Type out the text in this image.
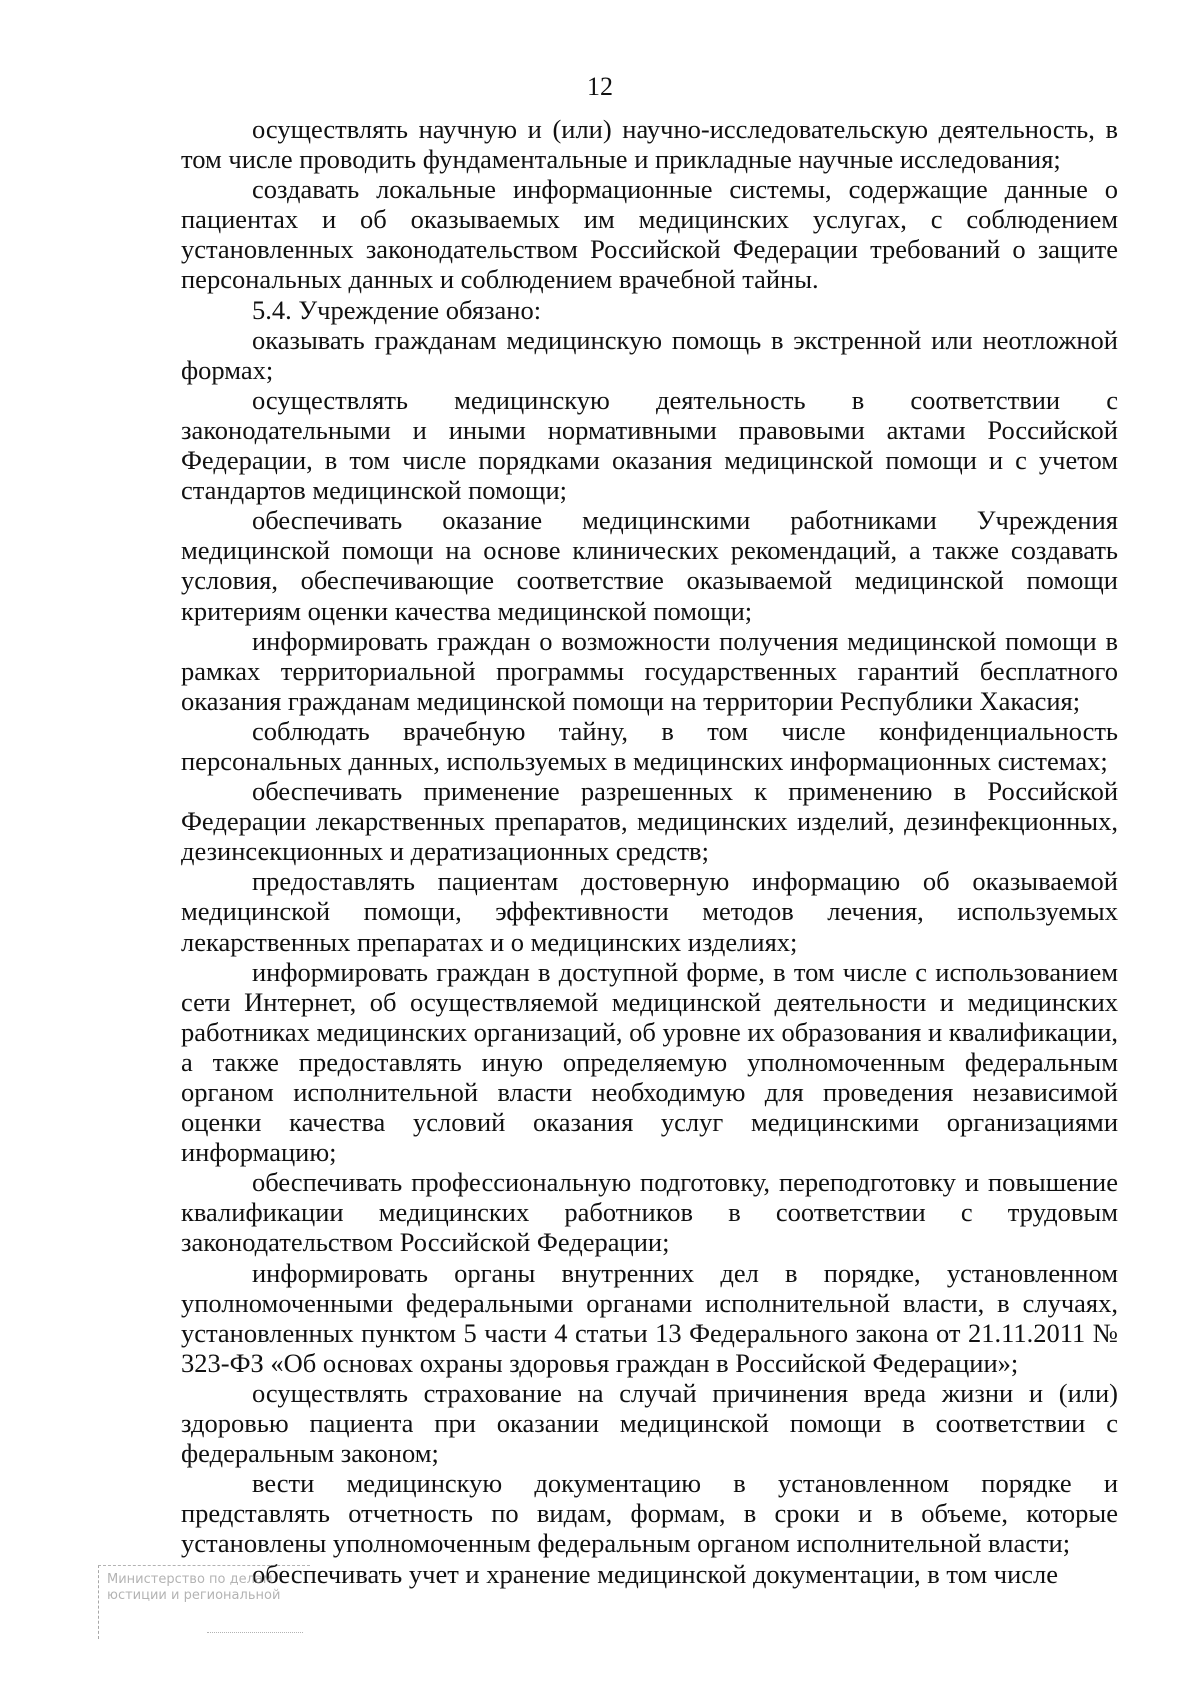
12

осуществлять научную и (или) научно-исследовательскую деятельность, в том числе проводить фундаментальные и прикладные научные исследования;

создавать локальные информационные системы, содержащие данные о пациентах и об оказываемых им медицинских услугах, с соблюдением установленных законодательством Российской Федерации требований о защите персональных данных и соблюдением врачебной тайны.

5.4. Учреждение обязано:

оказывать гражданам медицинскую помощь в экстренной или неотложной формах;

осуществлять медицинскую деятельность в соответствии с законодательными и иными нормативными правовыми актами Российской Федерации, в том числе порядками оказания медицинской помощи и с учетом стандартов медицинской помощи;

обеспечивать оказание медицинскими работниками Учреждения медицинской помощи на основе клинических рекомендаций, а также создавать условия, обеспечивающие соответствие оказываемой медицинской помощи критериям оценки качества медицинской помощи;

информировать граждан о возможности получения медицинской помощи в рамках территориальной программы государственных гарантий бесплатного оказания гражданам медицинской помощи на территории Республики Хакасия;

соблюдать врачебную тайну, в том числе конфиденциальность персональных данных, используемых в медицинских информационных системах;

обеспечивать применение разрешенных к применению в Российской Федерации лекарственных препаратов, медицинских изделий, дезинфекционных, дезинсекционных и дератизационных средств;

предоставлять пациентам достоверную информацию об оказываемой медицинской помощи, эффективности методов лечения, используемых лекарственных препаратах и о медицинских изделиях;

информировать граждан в доступной форме, в том числе с использованием сети Интернет, об осуществляемой медицинской деятельности и медицинских работниках медицинских организаций, об уровне их образования и квалификации, а также предоставлять иную определяемую уполномоченным федеральным органом исполнительной власти необходимую для проведения независимой оценки качества условий оказания услуг медицинскими организациями информацию;

обеспечивать профессиональную подготовку, переподготовку и повышение квалификации медицинских работников в соответствии с трудовым законодательством Российской Федерации;

информировать органы внутренних дел в порядке, установленном уполномоченными федеральными органами исполнительной власти, в случаях, установленных пунктом 5 части 4 статьи 13 Федерального закона от 21.11.2011 № 323-ФЗ «Об основах охраны здоровья граждан в Российской Федерации»;

осуществлять страхование на случай причинения вреда жизни и (или) здоровью пациента при оказании медицинской помощи в соответствии с федеральным законом;

вести медицинскую документацию в установленном порядке и представлять отчетность по видам, формам, в сроки и в объеме, которые установлены уполномоченным федеральным органом исполнительной власти;

обеспечивать учет и хранение медицинской документации, в том числе

Министерство по делам
юстиции и региональной
